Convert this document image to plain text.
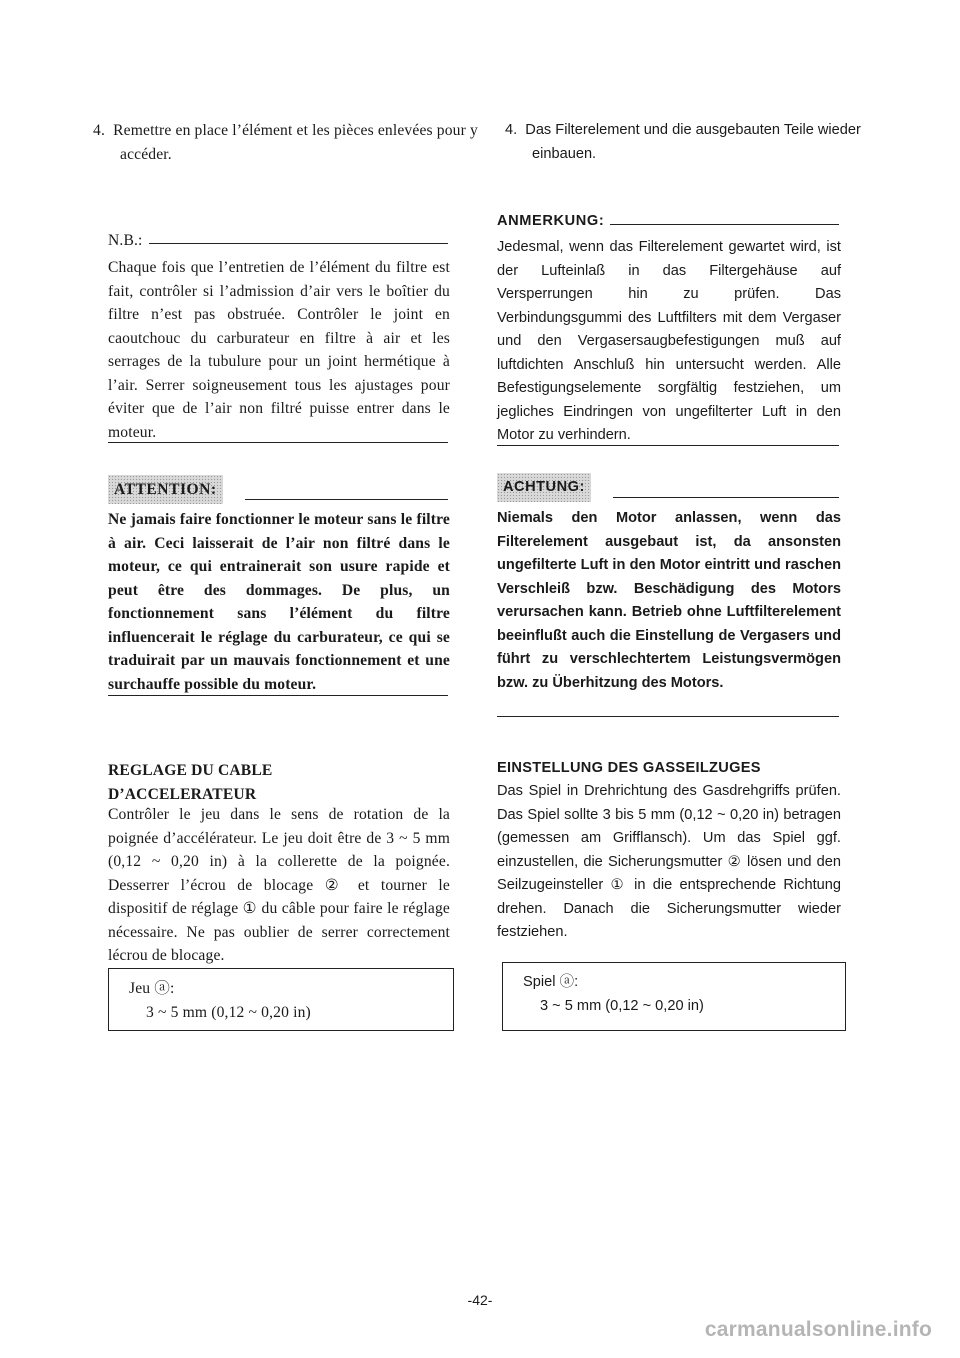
4.  Remettre en place l’élément et les pièces enlevées pour y accéder.

N.B.:

Chaque fois que l’entretien de l’élément du filtre est fait, contrôler si l’admission d’air vers le boîtier du filtre n’est pas obstruée. Contrôler le joint en caoutchouc du carburateur en filtre à air et les serrages de la tubulure pour un joint hermétique à l’air. Serrer soigneusement tous les ajustages pour éviter que de l’air non filtré puisse entrer dans le moteur.

ATTENTION:

Ne jamais faire fonctionner le moteur sans le filtre à air. Ceci laisserait de l’air non filtré dans le moteur, ce qui entrainerait son usure rapide et peut être des dommages. De plus, un fonctionnement sans l’élément du filtre influencerait le réglage du carburateur, ce qui se traduirait par un mauvais fonctionnement et une surchauffe possible du moteur.

REGLAGE DU CABLE
D’ACCELERATEUR

Contrôler le jeu dans le sens de rotation de la poignée d’accélérateur. Le jeu doit être de 3 ~ 5 mm (0,12 ~ 0,20 in) à la collerette de la poignée. Desserrer l’écrou de blocage ② et tourner le dispositif de réglage ① du câble pour faire le réglage nécessaire. Ne pas oublier de serrer correctement lécrou de blocage.

Jeu ⓐ:
3 ~ 5 mm (0,12 ~ 0,20 in)

4.  Das Filterelement und die ausgebauten Teile wieder einbauen.

ANMERKUNG:

Jedesmal, wenn das Filterelement gewartet wird, ist der Lufteinlaß in das Filtergehäuse auf Versperrungen hin zu prüfen. Das Verbindungsgummi des Luftfilters mit dem Vergaser und den Vergasersaugbefestigungen muß auf luftdichten Anschluß hin untersucht werden. Alle Befestigungselemente sorgfältig festziehen, um jegliches Eindringen von ungefilterter Luft in den Motor zu verhindern.

ACHTUNG:

Niemals den Motor anlassen, wenn das Filterelement ausgebaut ist, da ansonsten ungefilterte Luft in den Motor eintritt und raschen Verschleiß bzw. Beschädigung des Motors verursachen kann. Betrieb ohne Luftfilterelement beeinflußt auch die Einstellung de Vergasers und führt zu verschlechtertem Leistungsvermögen bzw. zu Überhitzung des Motors.

EINSTELLUNG DES GASSEILZUGES

Das Spiel in Drehrichtung des Gasdrehgriffs prüfen. Das Spiel sollte 3 bis 5 mm (0,12 ~ 0,20 in) betragen (gemessen am Grifflansch). Um das Spiel ggf. einzustellen, die Sicherungsmutter ② lösen und den Seilzugeinsteller ① in die entsprechende Richtung drehen. Danach die Sicherungsmutter wieder festziehen.

Spiel ⓐ:
3 ~ 5 mm (0,12 ~ 0,20 in)
-42-
carmanualsonline.info
